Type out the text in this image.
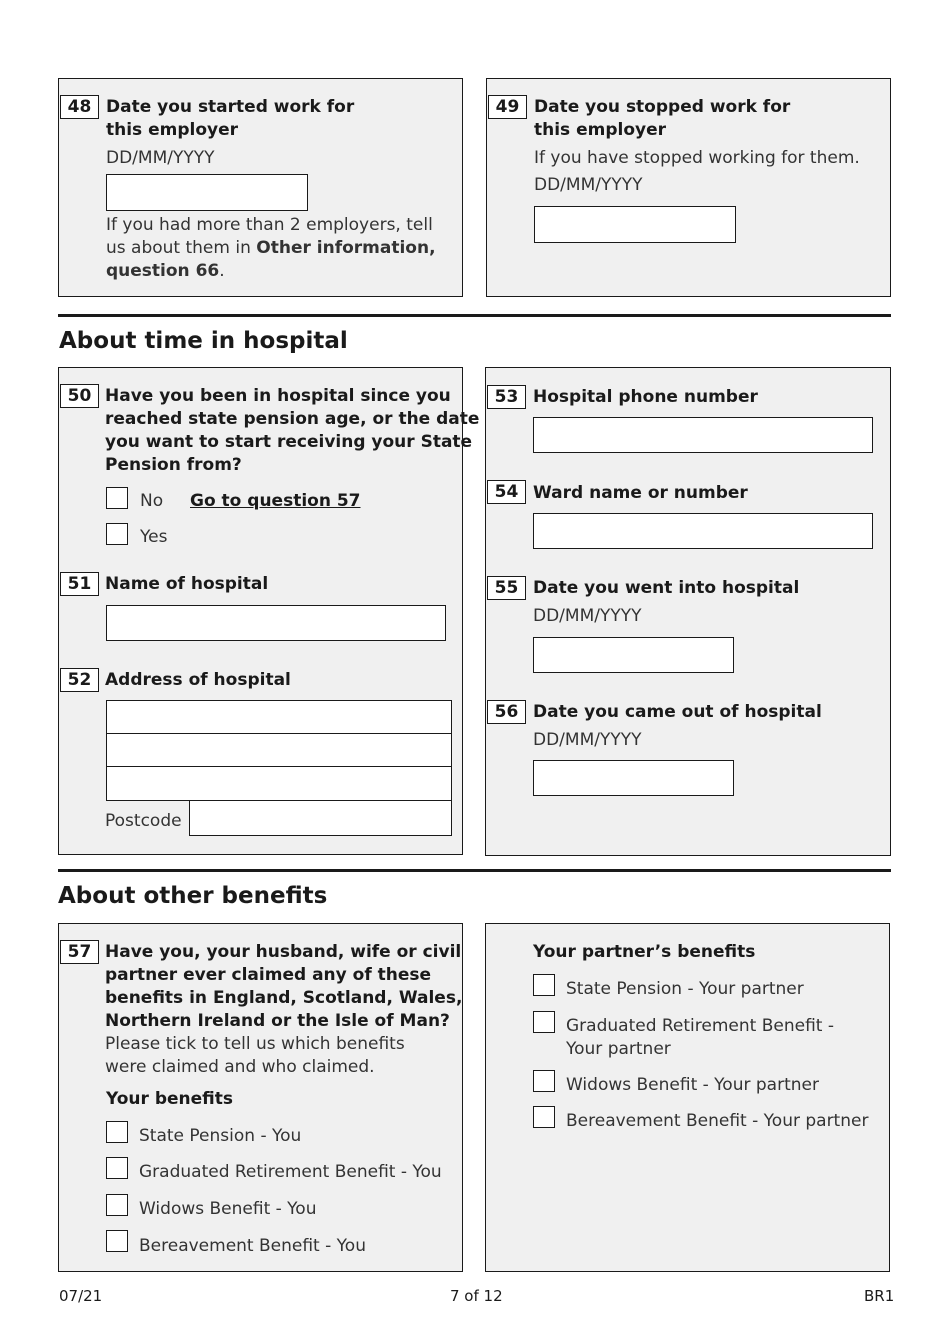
48 Date you started work for
this employer
DD/MM/YYYY
If you had more than 2 employers, tell
us about them in Other information,
question 66.
49 Date you stopped work for
this employer
If you have stopped working for them.
DD/MM/YYYY
About time in hospital
50 Have you been in hospital since you
reached state pension age, or the date
you want to start receiving your State
Pension from?
No Go to question 57
Yes
51 Name of hospital
52 Address of hospital
Postcode
53 Hospital phone number
54 Ward name or number
55 Date you went into hospital
DD/MM/YYYY
56 Date you came out of hospital
DD/MM/YYYY
About other benefits
57 Have you, your husband, wife or civil
partner ever claimed any of these
benefits in England, Scotland, Wales,
Northern Ireland or the Isle of Man?
Please tick to tell us which benefits
were claimed and who claimed.
Your benefits
State Pension - You
Graduated Retirement Benefit - You
Widows Benefit - You
Bereavement Benefit - You
Your partner’s benefits
State Pension - Your partner
Graduated Retirement Benefit -
Your partner
Widows Benefit - Your partner
Bereavement Benefit - Your partner
07/21	7 of 12	BR1
